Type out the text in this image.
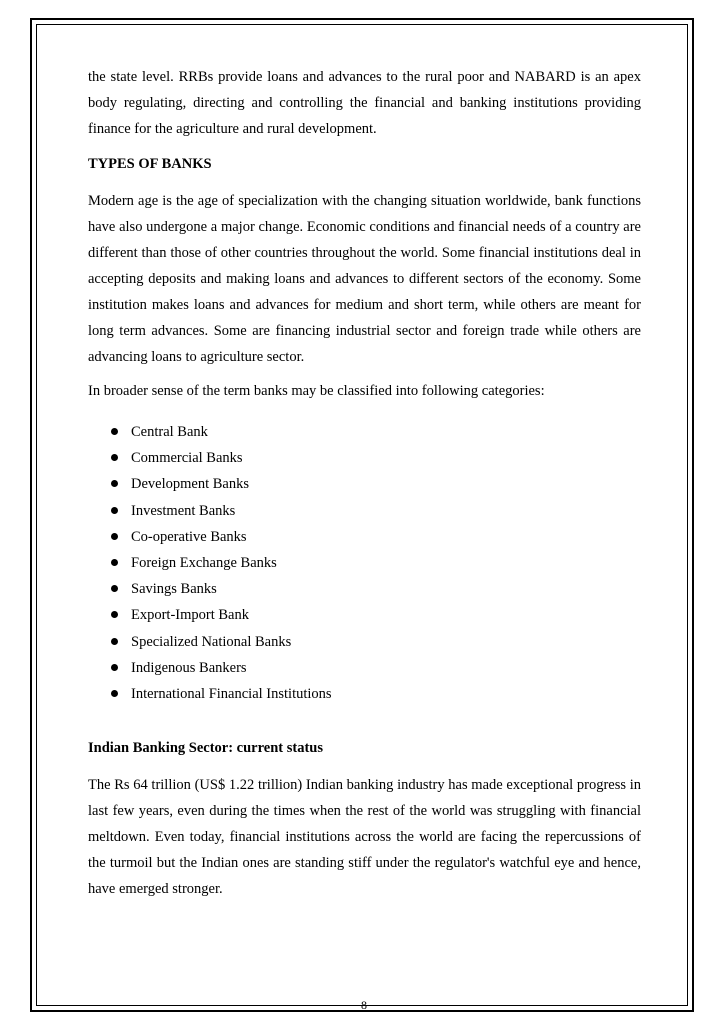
the state level. RRBs provide loans and advances to the rural poor and NABARD is an apex body regulating, directing and controlling the financial and banking institutions providing finance for the agriculture and rural development.

TYPES OF BANKS

Modern age is the age of specialization with the changing situation worldwide, bank functions have also undergone a major change. Economic conditions and financial needs of a country are different than those of other countries throughout the world. Some financial institutions deal in accepting deposits and making loans and advances to different sectors of the economy. Some institution makes loans and advances for medium and short term, while others are meant for long term advances. Some are financing industrial sector and foreign trade while others are advancing loans to agriculture sector.

In broader sense of the term banks may be classified into following categories:

Central Bank
Commercial Banks
Development Banks
Investment Banks
Co-operative Banks
Foreign Exchange Banks
Savings Banks
Export-Import Bank
Specialized National Banks
Indigenous Bankers
International Financial Institutions
Indian Banking Sector: current status

The Rs 64 trillion (US$ 1.22 trillion) Indian banking industry has made exceptional progress in last few years, even during the times when the rest of the world was struggling with financial meltdown. Even today, financial institutions across the world are facing the repercussions of the turmoil but the Indian ones are standing stiff under the regulator's watchful eye and hence, have emerged stronger.

8
